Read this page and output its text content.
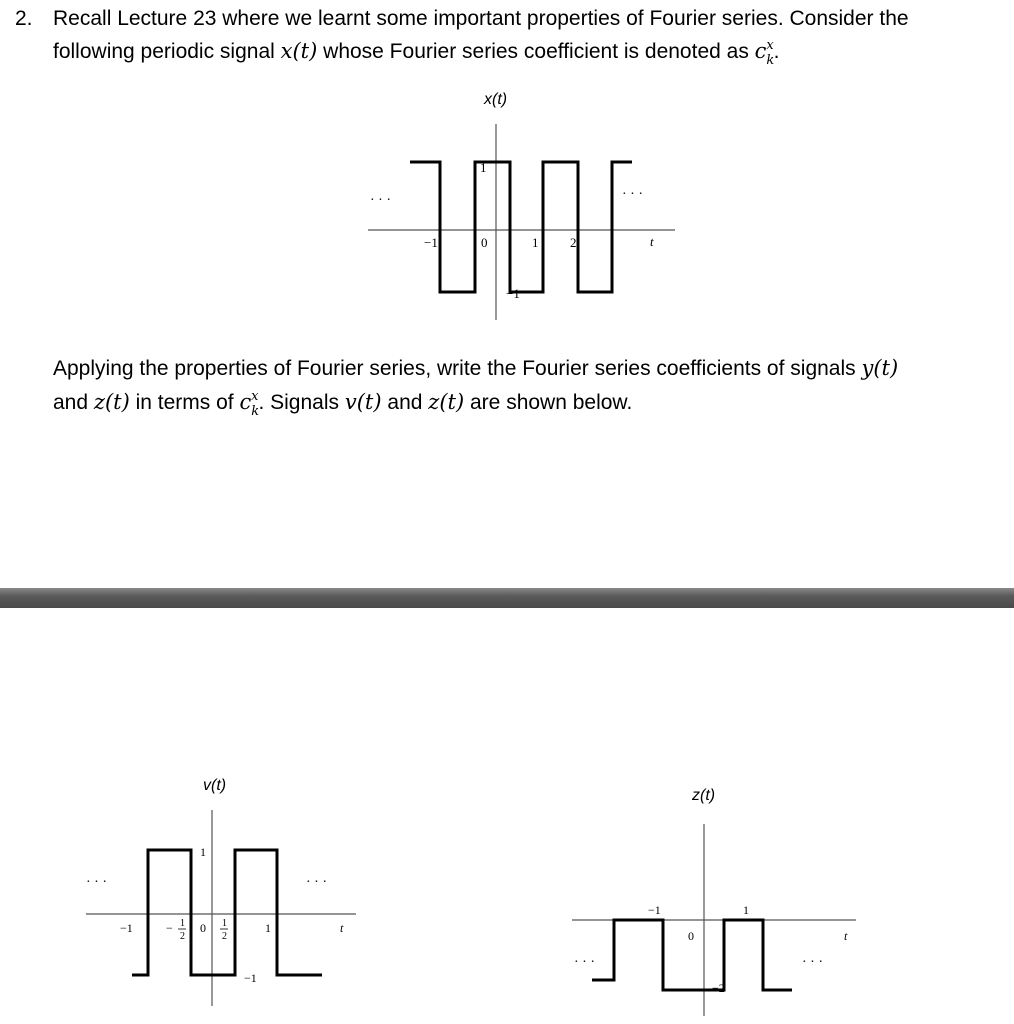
2. Recall Lecture 23 where we learnt some important properties of Fourier series. Consider the
following periodic signal x(t) whose Fourier series coefficient is denoted as $c_k^x$.
Applying the properties of Fourier series, write the Fourier series coefficients of signals y(t)
and z(t) in terms of $c_k^x$. Signals v(t) and z(t) are shown below.
x(t)
· · ·	· · ·
1
−1	0	1 2	t
−1
v(t)
· · ·	· · ·
1
−1	− 1
2
0 1
2
1	t
−1
z(t)
· · ·	· · ·
−1	1
0	t
−2
